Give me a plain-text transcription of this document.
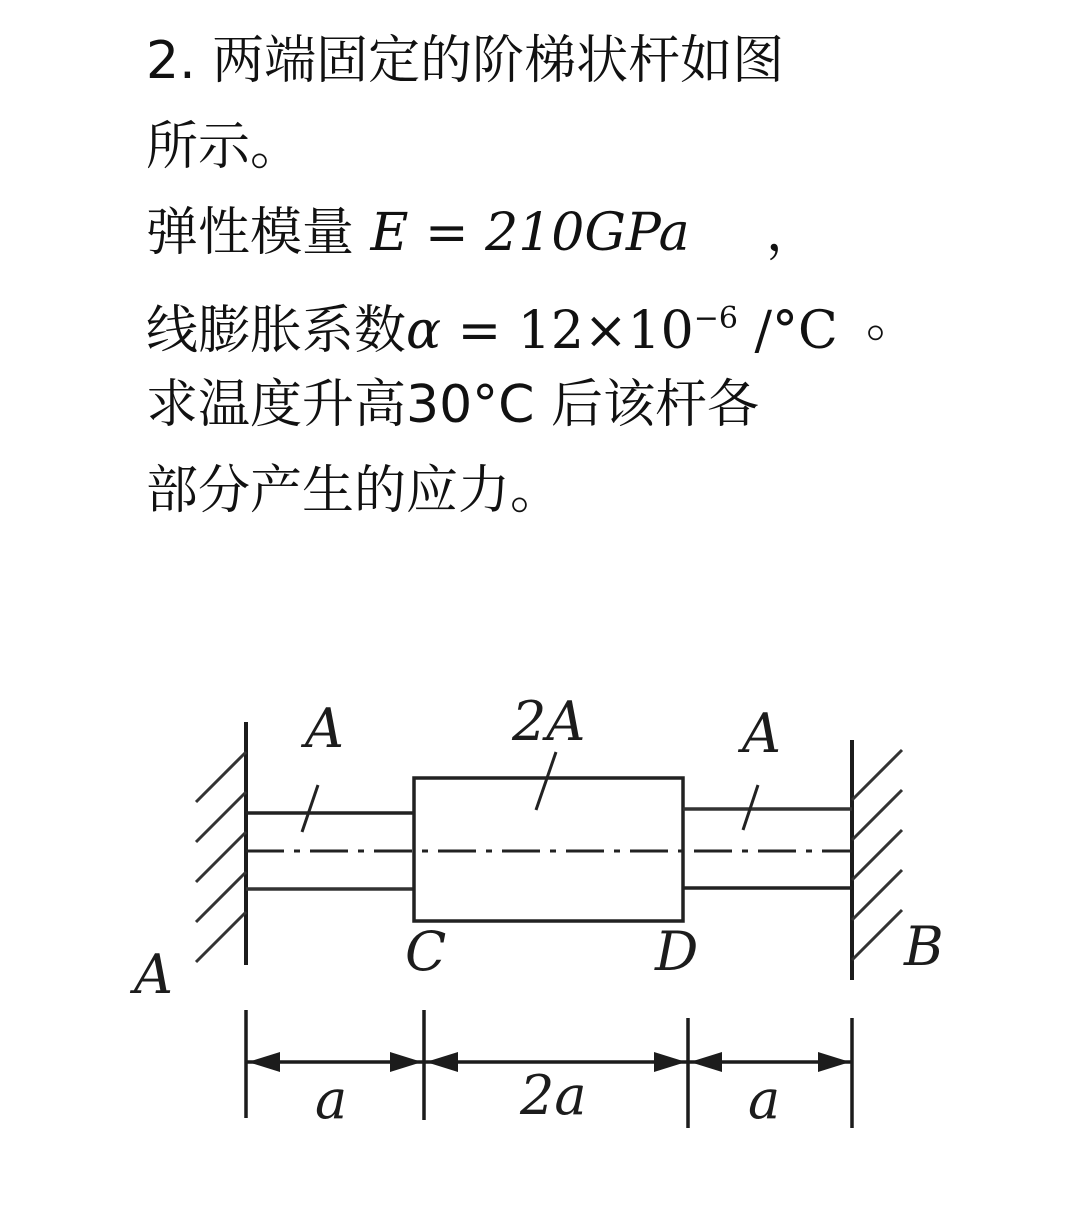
2. 两端固定的阶梯状杆如图
所示。
弹性模量 E = 210GPa ，
线膨胀系数$\alpha = 12\times 10^{-6}$ /°C 。
求温度升高30°C 后该杆各
部分产生的应力。
A	2A	A
A	B
C	D
a	2a	a
